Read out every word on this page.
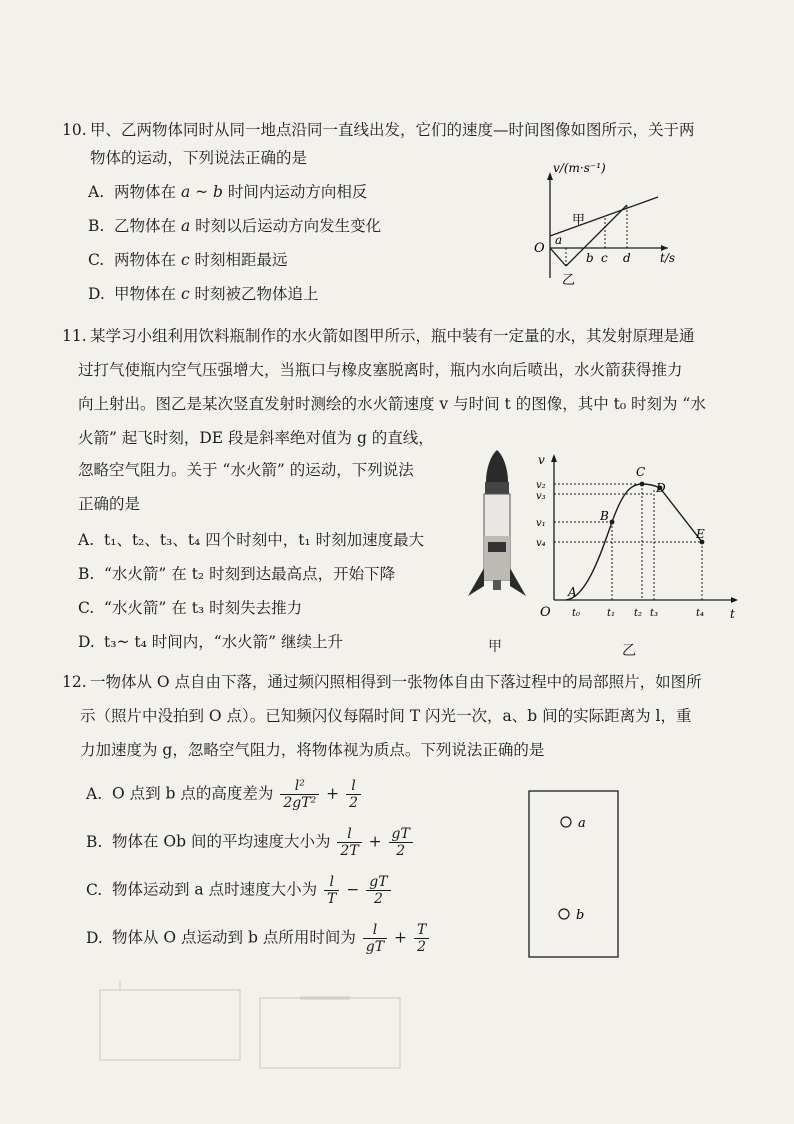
10. 甲、乙两物体同时从同一地点沿同一直线出发，它们的速度—时间图像如图所示，关于两
物体的运动，下列说法正确的是
A. 两物体在 a ~ b 时间内运动方向相反
B. 乙物体在 a 时刻以后运动方向发生变化
C. 两物体在 c 时刻相距最远
D. 甲物体在 c 时刻被乙物体追上
v/(m·s⁻¹)
t/s
O
甲
乙
a
b c d
11. 某学习小组利用饮料瓶制作的水火箭如图甲所示，瓶中装有一定量的水，其发射原理是通
过打气使瓶内空气压强增大，当瓶口与橡皮塞脱离时，瓶内水向后喷出，水火箭获得推力
向上射出。图乙是某次竖直发射时测绘的水火箭速度 v 与时间 t 的图像，其中 t₀ 时刻为 “水
火箭” 起飞时刻，DE 段是斜率绝对值为 g 的直线，
忽略空气阻力。关于 “水火箭” 的运动，下列说法
正确的是
A. t₁、t₂、t₃、t₄ 四个时刻中，t₁ 时刻加速度最大
B. “水火箭” 在 t₂ 时刻到达最高点，开始下降
C. “水火箭” 在 t₃ 时刻失去推力
D. t₃~ t₄ 时间内，“水火箭” 继续上升
v
t
O
A
B
C
D
E
v₂
v₃
v₁
v₄
t₀	t₁ t₂ t₃	t₄
甲	乙
12. 一物体从 O 点自由下落，通过频闪照相得到一张物体自由下落过程中的局部照片，如图所
示（照片中没拍到 O 点）。已知频闪仪每隔时间 T 闪光一次，a、b 间的实际距离为 l，重
力加速度为 g，忽略空气阻力，将物体视为质点。下列说法正确的是
A. O 点到 b 点的高度差为 $\frac{\text{l²}}{\text{2gT²}} + \frac{l}{2}$
B. 物体在 Ob 间的平均速度大小为 $\frac{l}{2T} + \frac{gT}{2}$
C. 物体运动到 a 点时速度大小为 $\frac{l}{T} - \frac{gT}{2}$
D. 物体从 O 点运动到 b 点所用时间为 $\frac{l}{gT} + \frac{T}{2}$
a
b
